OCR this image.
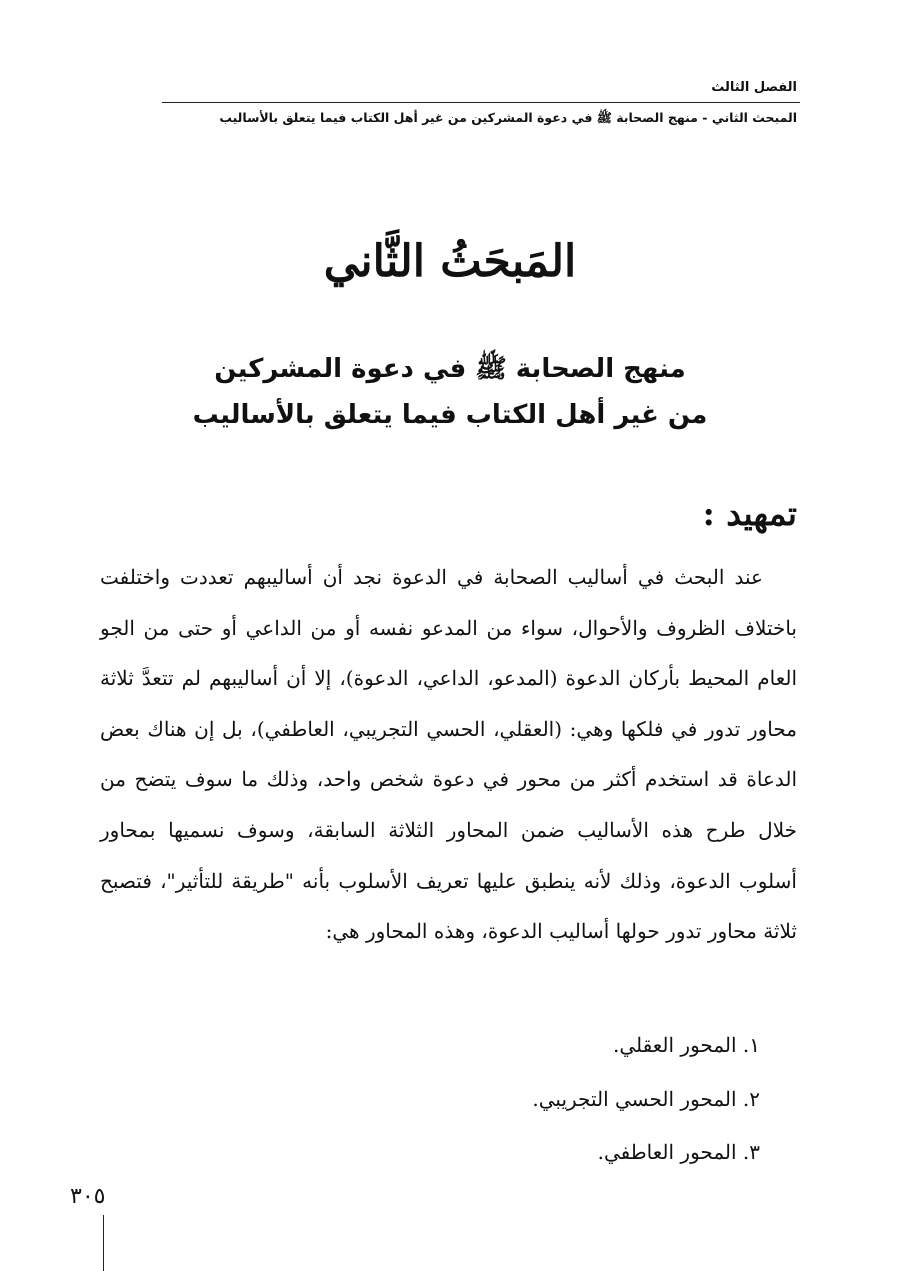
الفصل الثالث
المبحث الثاني - منهج الصحابة ﷺ في دعوة المشركين من غير أهل الكتاب فيما يتعلق بالأساليب
المَبحَثُ الثَّاني
منهج الصحابة ﷺ في دعوة المشركين
من غير أهل الكتاب فيما يتعلق بالأساليب
تمهيد :

عند البحث في أساليب الصحابة في الدعوة نجد أن أساليبهم تعددت واختلفت باختلاف الظروف والأحوال، سواء من المدعو نفسه أو من الداعي أو حتى من الجو العام المحيط بأركان الدعوة (المدعو، الداعي، الدعوة)، إلا أن أساليبهم لم تتعدَّ ثلاثة محاور تدور في فلكها وهي: (العقلي، الحسي التجريبي، العاطفي)، بل إن هناك بعض الدعاة قد استخدم أكثر من محور في دعوة شخص واحد، وذلك ما سوف يتضح من خلال طرح هذه الأساليب ضمن المحاور الثلاثة السابقة، وسوف نسميها بمحاور أسلوب الدعوة، وذلك لأنه ينطبق عليها تعريف الأسلوب بأنه "طريقة للتأثير"، فتصبح ثلاثة محاور تدور حولها أساليب الدعوة، وهذه المحاور هي:

١. المحور العقلي.
٢. المحور الحسي التجريبي.
٣. المحور العاطفي.
٣٠٥
